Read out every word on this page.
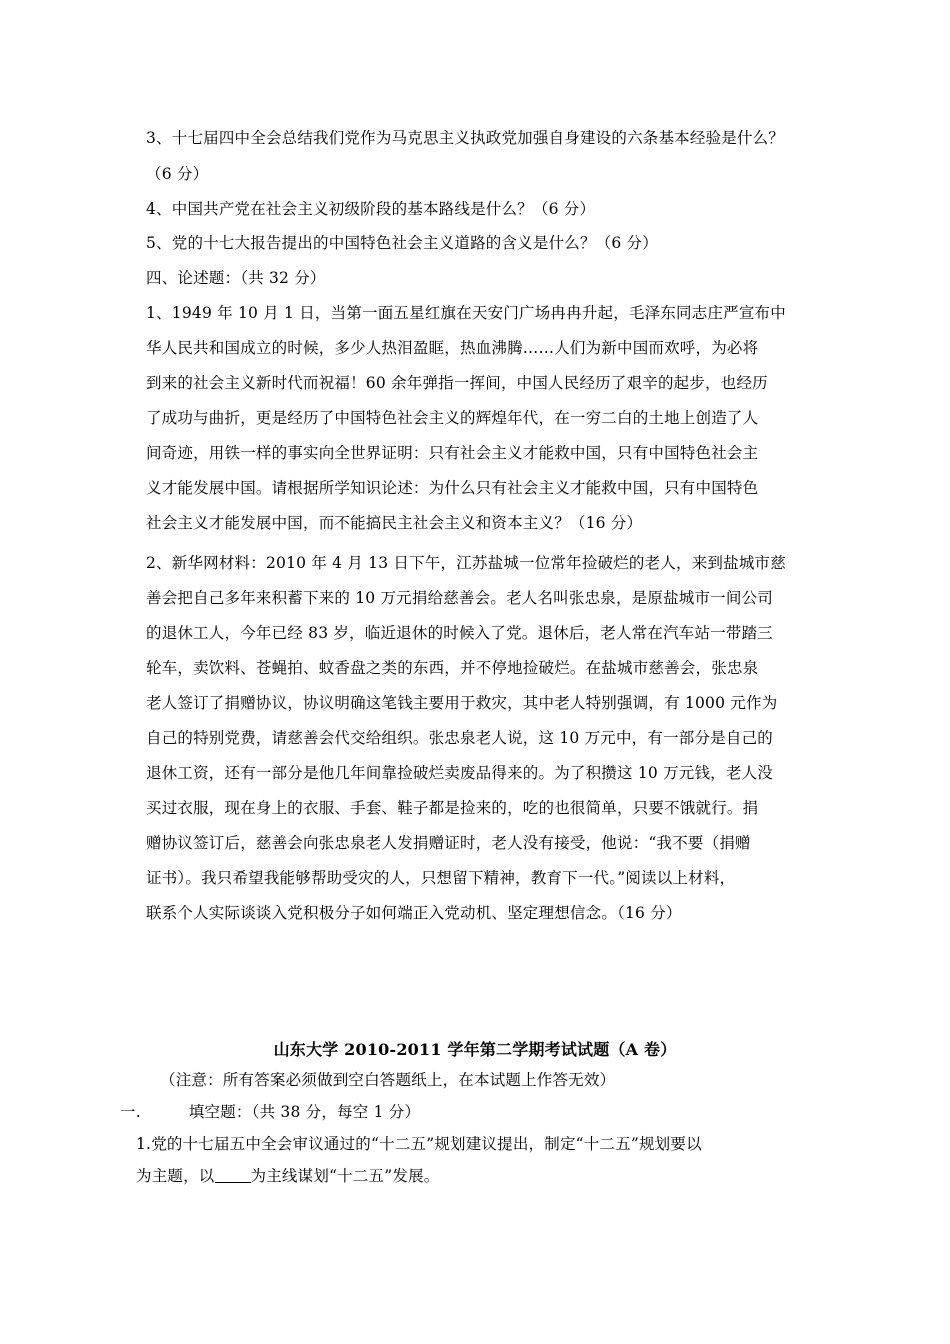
3、十七届四中全会总结我们党作为马克思主义执政党加强自身建设的六条基本经验是什么？
（6 分）
4、中国共产党在社会主义初级阶段的基本路线是什么？（6 分）
5、党的十七大报告提出的中国特色社会主义道路的含义是什么？（6 分）
四、论述题：（共 32 分）
1、1949 年 10 月 1 日，当第一面五星红旗在天安门广场冉冉升起，毛泽东同志庄严宣布中
华人民共和国成立的时候，多少人热泪盈眶，热血沸腾……人们为新中国而欢呼，为必将
到来的社会主义新时代而祝福！60 余年弹指一挥间，中国人民经历了艰辛的起步，也经历
了成功与曲折，更是经历了中国特色社会主义的辉煌年代，在一穷二白的土地上创造了人
间奇迹，用铁一样的事实向全世界证明：只有社会主义才能救中国，只有中国特色社会主
义才能发展中国。请根据所学知识论述：为什么只有社会主义才能救中国，只有中国特色
社会主义才能发展中国，而不能搞民主社会主义和资本主义？（16 分）
2、新华网材料：2010 年 4 月 13 日下午，江苏盐城一位常年捡破烂的老人，来到盐城市慈
善会把自己多年来积蓄下来的 10 万元捐给慈善会。老人名叫张忠泉，是原盐城市一间公司
的退休工人，今年已经 83 岁，临近退休的时候入了党。退休后，老人常在汽车站一带踏三
轮车，卖饮料、苍蝇拍、蚊香盘之类的东西，并不停地捡破烂。在盐城市慈善会，张忠泉
老人签订了捐赠协议，协议明确这笔钱主要用于救灾，其中老人特别强调，有 1000 元作为
自己的特别党费，请慈善会代交给组织。张忠泉老人说，这 10 万元中，有一部分是自己的
退休工资，还有一部分是他几年间靠捡破烂卖废品得来的。为了积攒这 10 万元钱，老人没
买过衣服，现在身上的衣服、手套、鞋子都是捡来的，吃的也很简单，只要不饿就行。捐
赠协议签订后，慈善会向张忠泉老人发捐赠证时，老人没有接受，他说：“我不要（捐赠
证书）。我只希望我能够帮助受灾的人，只想留下精神，教育下一代。”阅读以上材料，
联系个人实际谈谈入党积极分子如何端正入党动机、坚定理想信念。（16 分）
山东大学 2010-2011 学年第二学期考试试题（A 卷）
（注意：所有答案必须做到空白答题纸上，在本试题上作答无效）
一.	填空题：（共 38 分，每空 1 分）
1.党的十七届五中全会审议通过的“十二五”规划建议提出，制定“十二五”规划要以
为主题，以 为主线谋划“十二五”发展。
